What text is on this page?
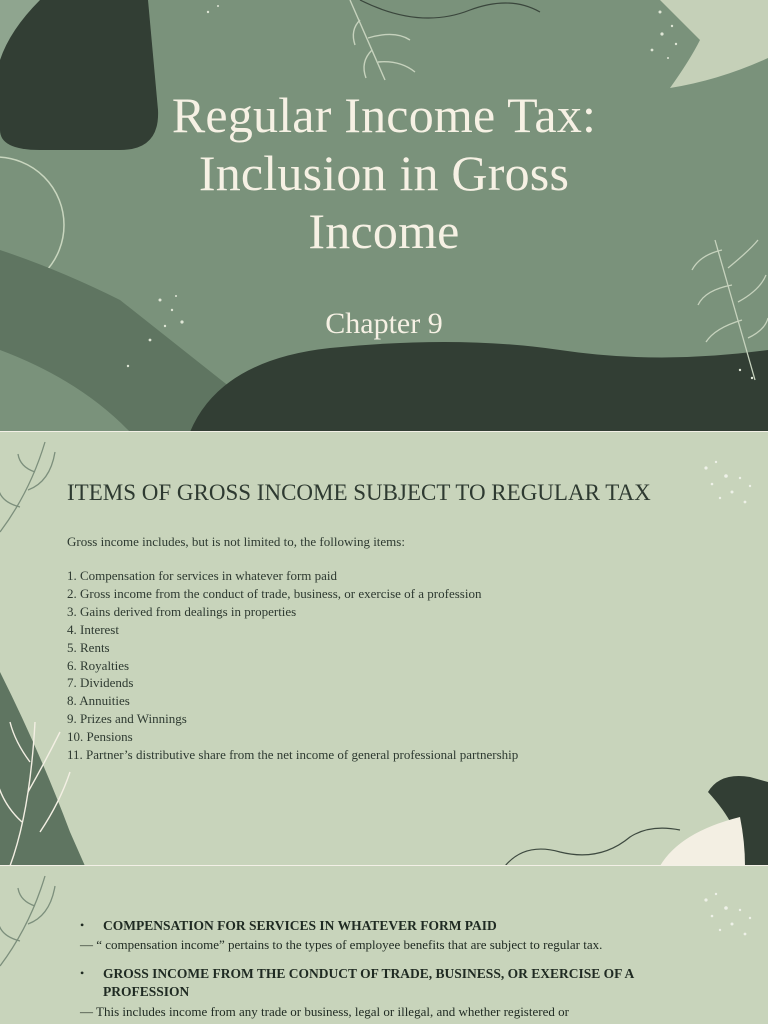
Regular Income Tax: Inclusion in Gross Income
Chapter 9
ITEMS OF GROSS INCOME SUBJECT TO REGULAR TAX
Gross income includes, but is not limited to, the following items:
1. Compensation for services in whatever form paid
2. Gross income from the conduct of trade, business, or exercise of a profession
3. Gains derived from dealings in properties
4. Interest
5. Rents
6. Royalties
7. Dividends
8. Annuities
9. Prizes and Winnings
10. Pensions
11. Partner’s distributive share from the net income of general professional partnership
• COMPENSATION FOR SERVICES IN WHATEVER FORM PAID
— “ compensation income” pertains to the types of employee benefits that are subject to regular tax.
• GROSS INCOME FROM THE CONDUCT OF TRADE, BUSINESS, OR EXERCISE OF A
PROFESSION
— This includes income from any trade or business, legal or illegal, and whether registered or
